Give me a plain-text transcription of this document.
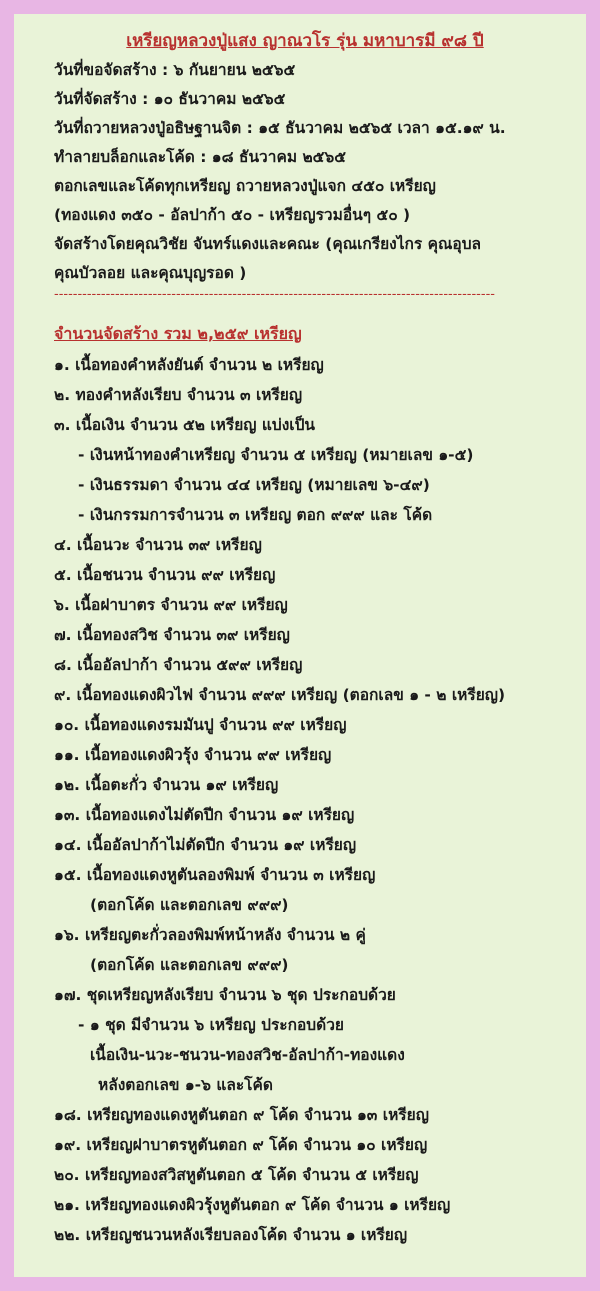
เหรียญหลวงปู่แสง ญาณวโร รุ่น มหาบารมี ๙๘ ปี
วันที่ขอจัดสร้าง : ๖ กันยายน ๒๕๖๕
วันที่จัดสร้าง : ๑๐ ธันวาคม ๒๕๖๕
วันที่ถวายหลวงปู่อธิษฐานจิต : ๑๕ ธันวาคม ๒๕๖๕ เวลา ๑๕.๑๙ น.
ทำลายบล็อกและโค้ด : ๑๘ ธันวาคม ๒๕๖๕
ตอกเลขและโค้ดทุกเหรียญ ถวายหลวงปู่แจก ๔๕๐ เหรียญ
(ทองแดง ๓๕๐ - อัลปาก้า ๕๐ - เหรียญรวมอื่นๆ ๕๐ )
จัดสร้างโดยคุณวิชัย จันทร์แดงและคณะ (คุณเกรียงไกร คุณอุบล
คุณบัวลอย และคุณบุญรอด )
----------------------------------------------------------------------------------------------
จำนวนจัดสร้าง รวม ๒,๒๕๙ เหรียญ
๑. เนื้อทองคำหลังยันต์ จำนวน ๒ เหรียญ
๒. ทองคำหลังเรียบ จำนวน ๓ เหรียญ
๓. เนื้อเงิน จำนวน ๕๒ เหรียญ แบ่งเป็น
- เงินหน้าทองคำเหรียญ จำนวน ๕ เหรียญ (หมายเลข ๑-๕)
- เงินธรรมดา จำนวน ๔๔ เหรียญ (หมายเลข ๖-๔๙)
- เงินกรรมการจำนวน ๓ เหรียญ ตอก ๙๙๙ และ โค้ด
๔. เนื้อนวะ จำนวน ๓๙ เหรียญ
๕. เนื้อชนวน จำนวน ๙๙ เหรียญ
๖. เนื้อฝาบาตร จำนวน ๙๙ เหรียญ
๗. เนื้อทองสวิช จำนวน ๓๙ เหรียญ
๘. เนื้ออัลปาก้า จำนวน ๕๙๙ เหรียญ
๙. เนื้อทองแดงผิวไฟ จำนวน ๙๙๙ เหรียญ (ตอกเลข ๑ - ๒ เหรียญ)
๑๐. เนื้อทองแดงรมมันปู จำนวน ๙๙ เหรียญ
๑๑. เนื้อทองแดงผิวรุ้ง จำนวน ๙๙ เหรียญ
๑๒. เนื้อตะกั่ว จำนวน ๑๙ เหรียญ
๑๓. เนื้อทองแดงไม่ตัดปีก จำนวน ๑๙ เหรียญ
๑๔. เนื้ออัลปาก้าไม่ตัดปีก จำนวน ๑๙ เหรียญ
๑๕. เนื้อทองแดงหูตันลองพิมพ์ จำนวน ๓ เหรียญ
(ตอกโค้ด และตอกเลข ๙๙๙)
๑๖. เหรียญตะกั่วลองพิมพ์หน้าหลัง จำนวน ๒ คู่
(ตอกโค้ด และตอกเลข ๙๙๙)
๑๗. ชุดเหรียญหลังเรียบ จำนวน ๖ ชุด ประกอบด้วย
- ๑ ชุด มีจำนวน ๖ เหรียญ ประกอบด้วย
เนื้อเงิน-นวะ-ชนวน-ทองสวิช-อัลปาก้า-ทองแดง
หลังตอกเลข ๑-๖ และโค้ด
๑๘. เหรียญทองแดงหูตันตอก ๙ โค้ด จำนวน ๑๓ เหรียญ
๑๙. เหรียญฝาบาตรหูตันตอก ๙ โค้ด จำนวน ๑๐ เหรียญ
๒๐. เหรียญทองสวิสหูตันตอก ๕ โค้ด จำนวน ๕ เหรียญ
๒๑. เหรียญทองแดงผิวรุ้งหูตันตอก ๙ โค้ด จำนวน ๑ เหรียญ
๒๒. เหรียญชนวนหลังเรียบลองโค้ด จำนวน ๑ เหรียญ
